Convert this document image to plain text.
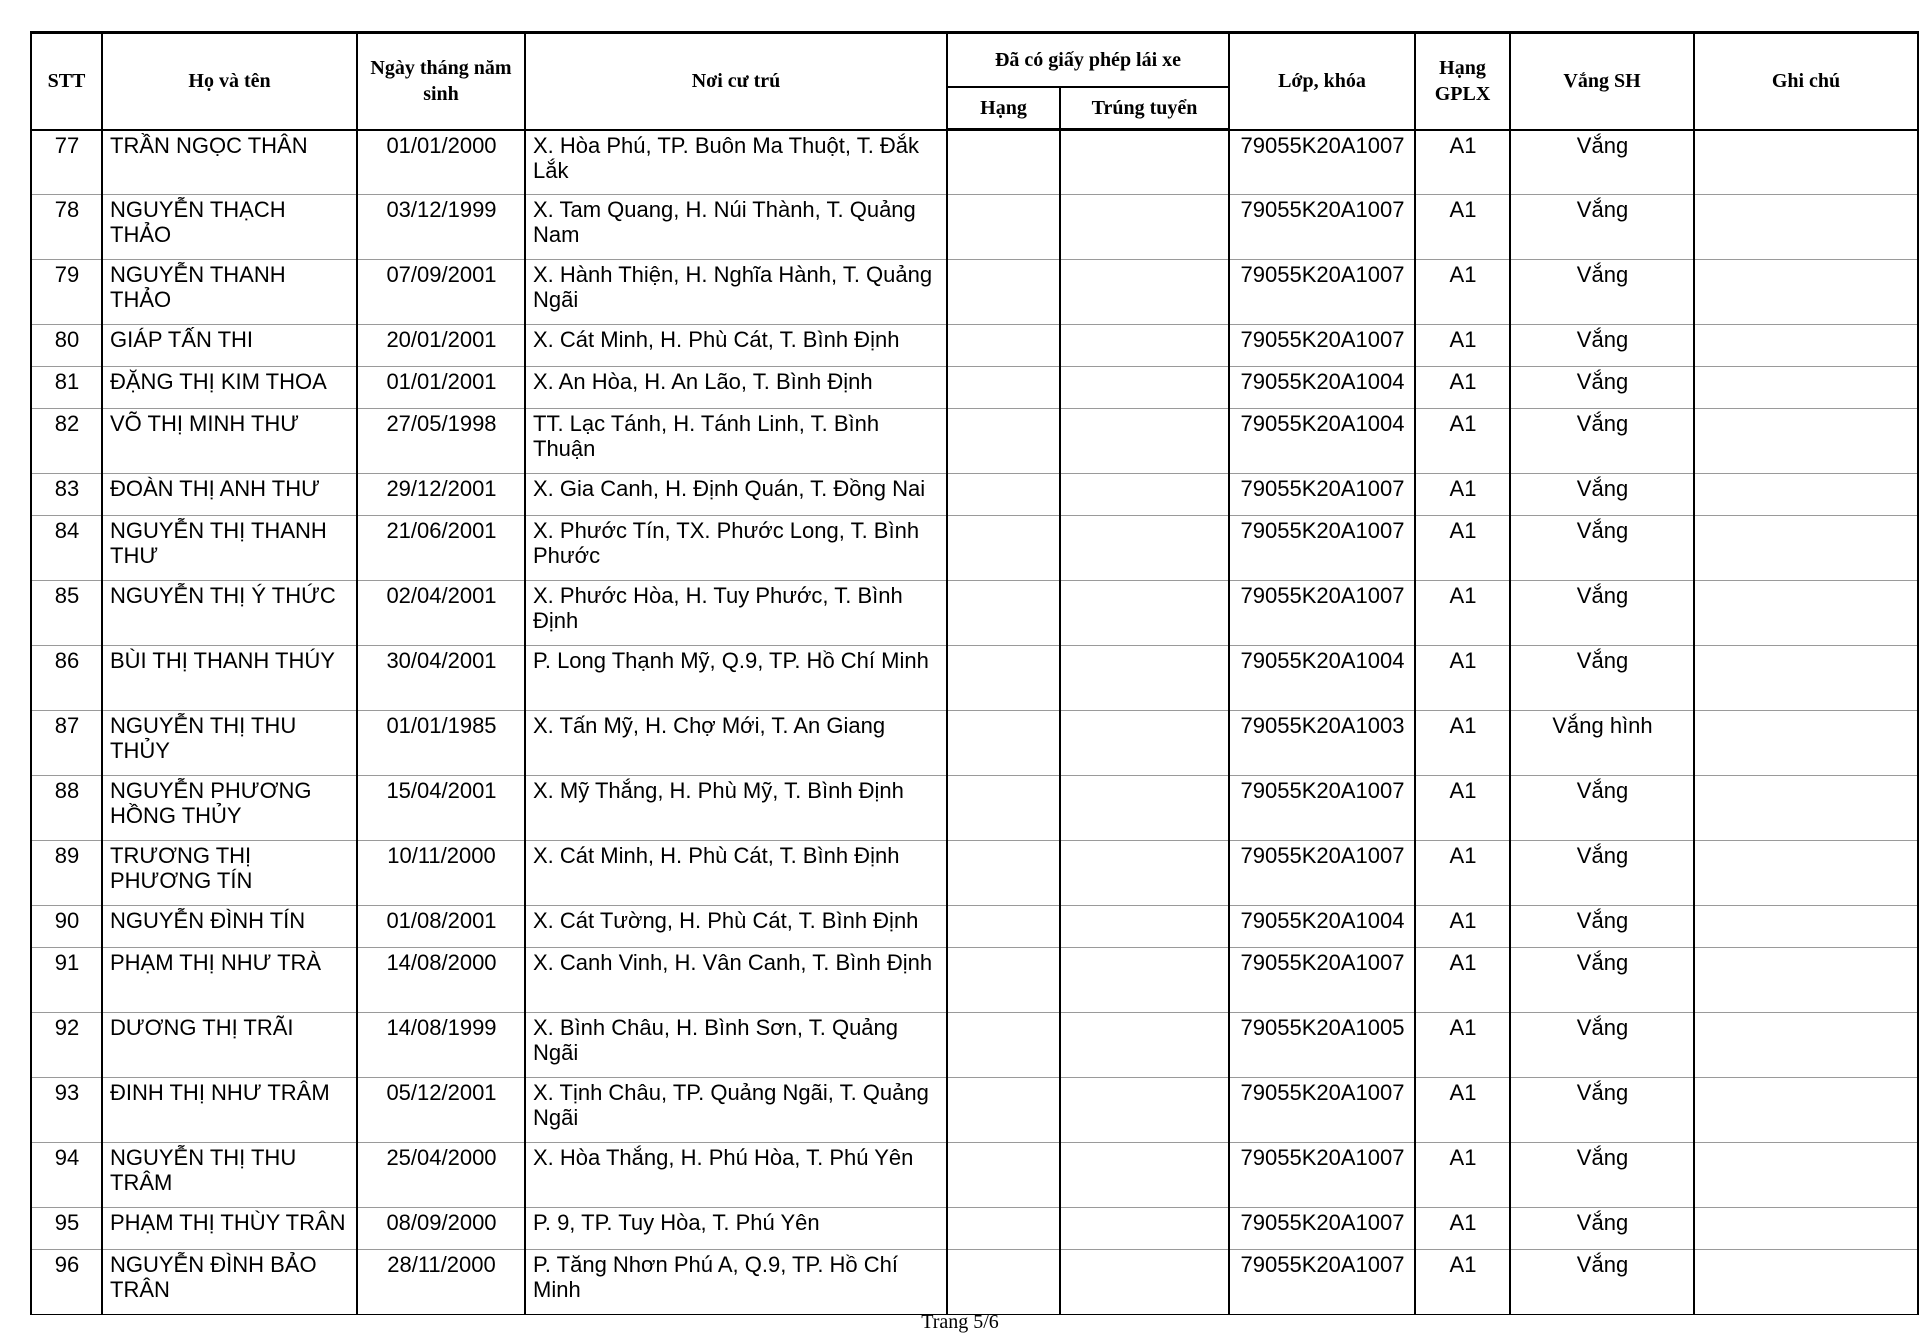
STT	Họ và tên	Ngày tháng năm sinh	Nơi cư trú	Đã có giấy phép lái xe		Lớp, khóa	Hạng GPLX	Vắng SH	Ghi chú
				Hạng	Trúng tuyển				
77	TRẦN NGỌC THÂN	01/01/2000	X. Hòa Phú, TP. Buôn Ma Thuột, T. Đắk Lắk			79055K20A1007	A1	Vắng	
78	NGUYỄN THẠCH THẢO	03/12/1999	X. Tam Quang, H. Núi Thành, T. Quảng Nam			79055K20A1007	A1	Vắng	
79	NGUYỄN THANH THẢO	07/09/2001	X. Hành Thiện, H. Nghĩa Hành, T. Quảng Ngãi			79055K20A1007	A1	Vắng	
80	GIÁP TẤN THI	20/01/2001	X. Cát Minh, H. Phù Cát, T. Bình Định			79055K20A1007	A1	Vắng	
81	ĐẶNG THỊ KIM THOA	01/01/2001	X. An Hòa, H. An Lão, T. Bình Định			79055K20A1004	A1	Vắng	
82	VÕ THỊ MINH THƯ	27/05/1998	TT. Lạc Tánh, H. Tánh Linh, T. Bình Thuận			79055K20A1004	A1	Vắng	
83	ĐOÀN THỊ ANH THƯ	29/12/2001	X. Gia Canh, H. Định Quán, T. Đồng Nai			79055K20A1007	A1	Vắng	
84	NGUYỄN THỊ THANH THƯ	21/06/2001	X. Phước Tín, TX. Phước Long, T. Bình Phước			79055K20A1007	A1	Vắng	
85	NGUYỄN THỊ Ý THỨC	02/04/2001	X. Phước Hòa, H. Tuy Phước, T. Bình Định			79055K20A1007	A1	Vắng	
86	BÙI THỊ THANH THÚY	30/04/2001	P. Long Thạnh Mỹ, Q.9, TP. Hồ Chí Minh			79055K20A1004	A1	Vắng	
87	NGUYỄN THỊ THU THỦY	01/01/1985	X. Tấn Mỹ, H. Chợ Mới, T. An Giang			79055K20A1003	A1	Vắng hình	
88	NGUYỄN PHƯƠNG HỒNG THỦY	15/04/2001	X. Mỹ Thắng, H. Phù Mỹ, T. Bình Định			79055K20A1007	A1	Vắng	
89	TRƯƠNG THỊ PHƯƠNG TÍN	10/11/2000	X. Cát Minh, H. Phù Cát, T. Bình Định			79055K20A1007	A1	Vắng	
90	NGUYỄN ĐÌNH TÍN	01/08/2001	X. Cát Tường, H. Phù Cát, T. Bình Định			79055K20A1004	A1	Vắng	
91	PHẠM THỊ NHƯ TRÀ	14/08/2000	X. Canh Vinh, H. Vân Canh, T. Bình Định			79055K20A1007	A1	Vắng	
92	DƯƠNG THỊ TRÃI	14/08/1999	X. Bình Châu, H. Bình Sơn, T. Quảng Ngãi			79055K20A1005	A1	Vắng	
93	ĐINH THỊ NHƯ TRÂM	05/12/2001	X. Tịnh Châu, TP. Quảng Ngãi, T. Quảng Ngãi			79055K20A1007	A1	Vắng	
94	NGUYỄN THỊ THU TRÂM	25/04/2000	X. Hòa Thắng, H. Phú Hòa, T. Phú Yên			79055K20A1007	A1	Vắng	
95	PHẠM THỊ THÙY TRÂN	08/09/2000	P. 9, TP. Tuy Hòa, T. Phú Yên			79055K20A1007	A1	Vắng	
96	NGUYỄN ĐÌNH BẢO TRÂN	28/11/2000	P. Tăng Nhơn Phú A, Q.9, TP. Hồ Chí Minh			79055K20A1007	A1	Vắng	
Trang 5/6
